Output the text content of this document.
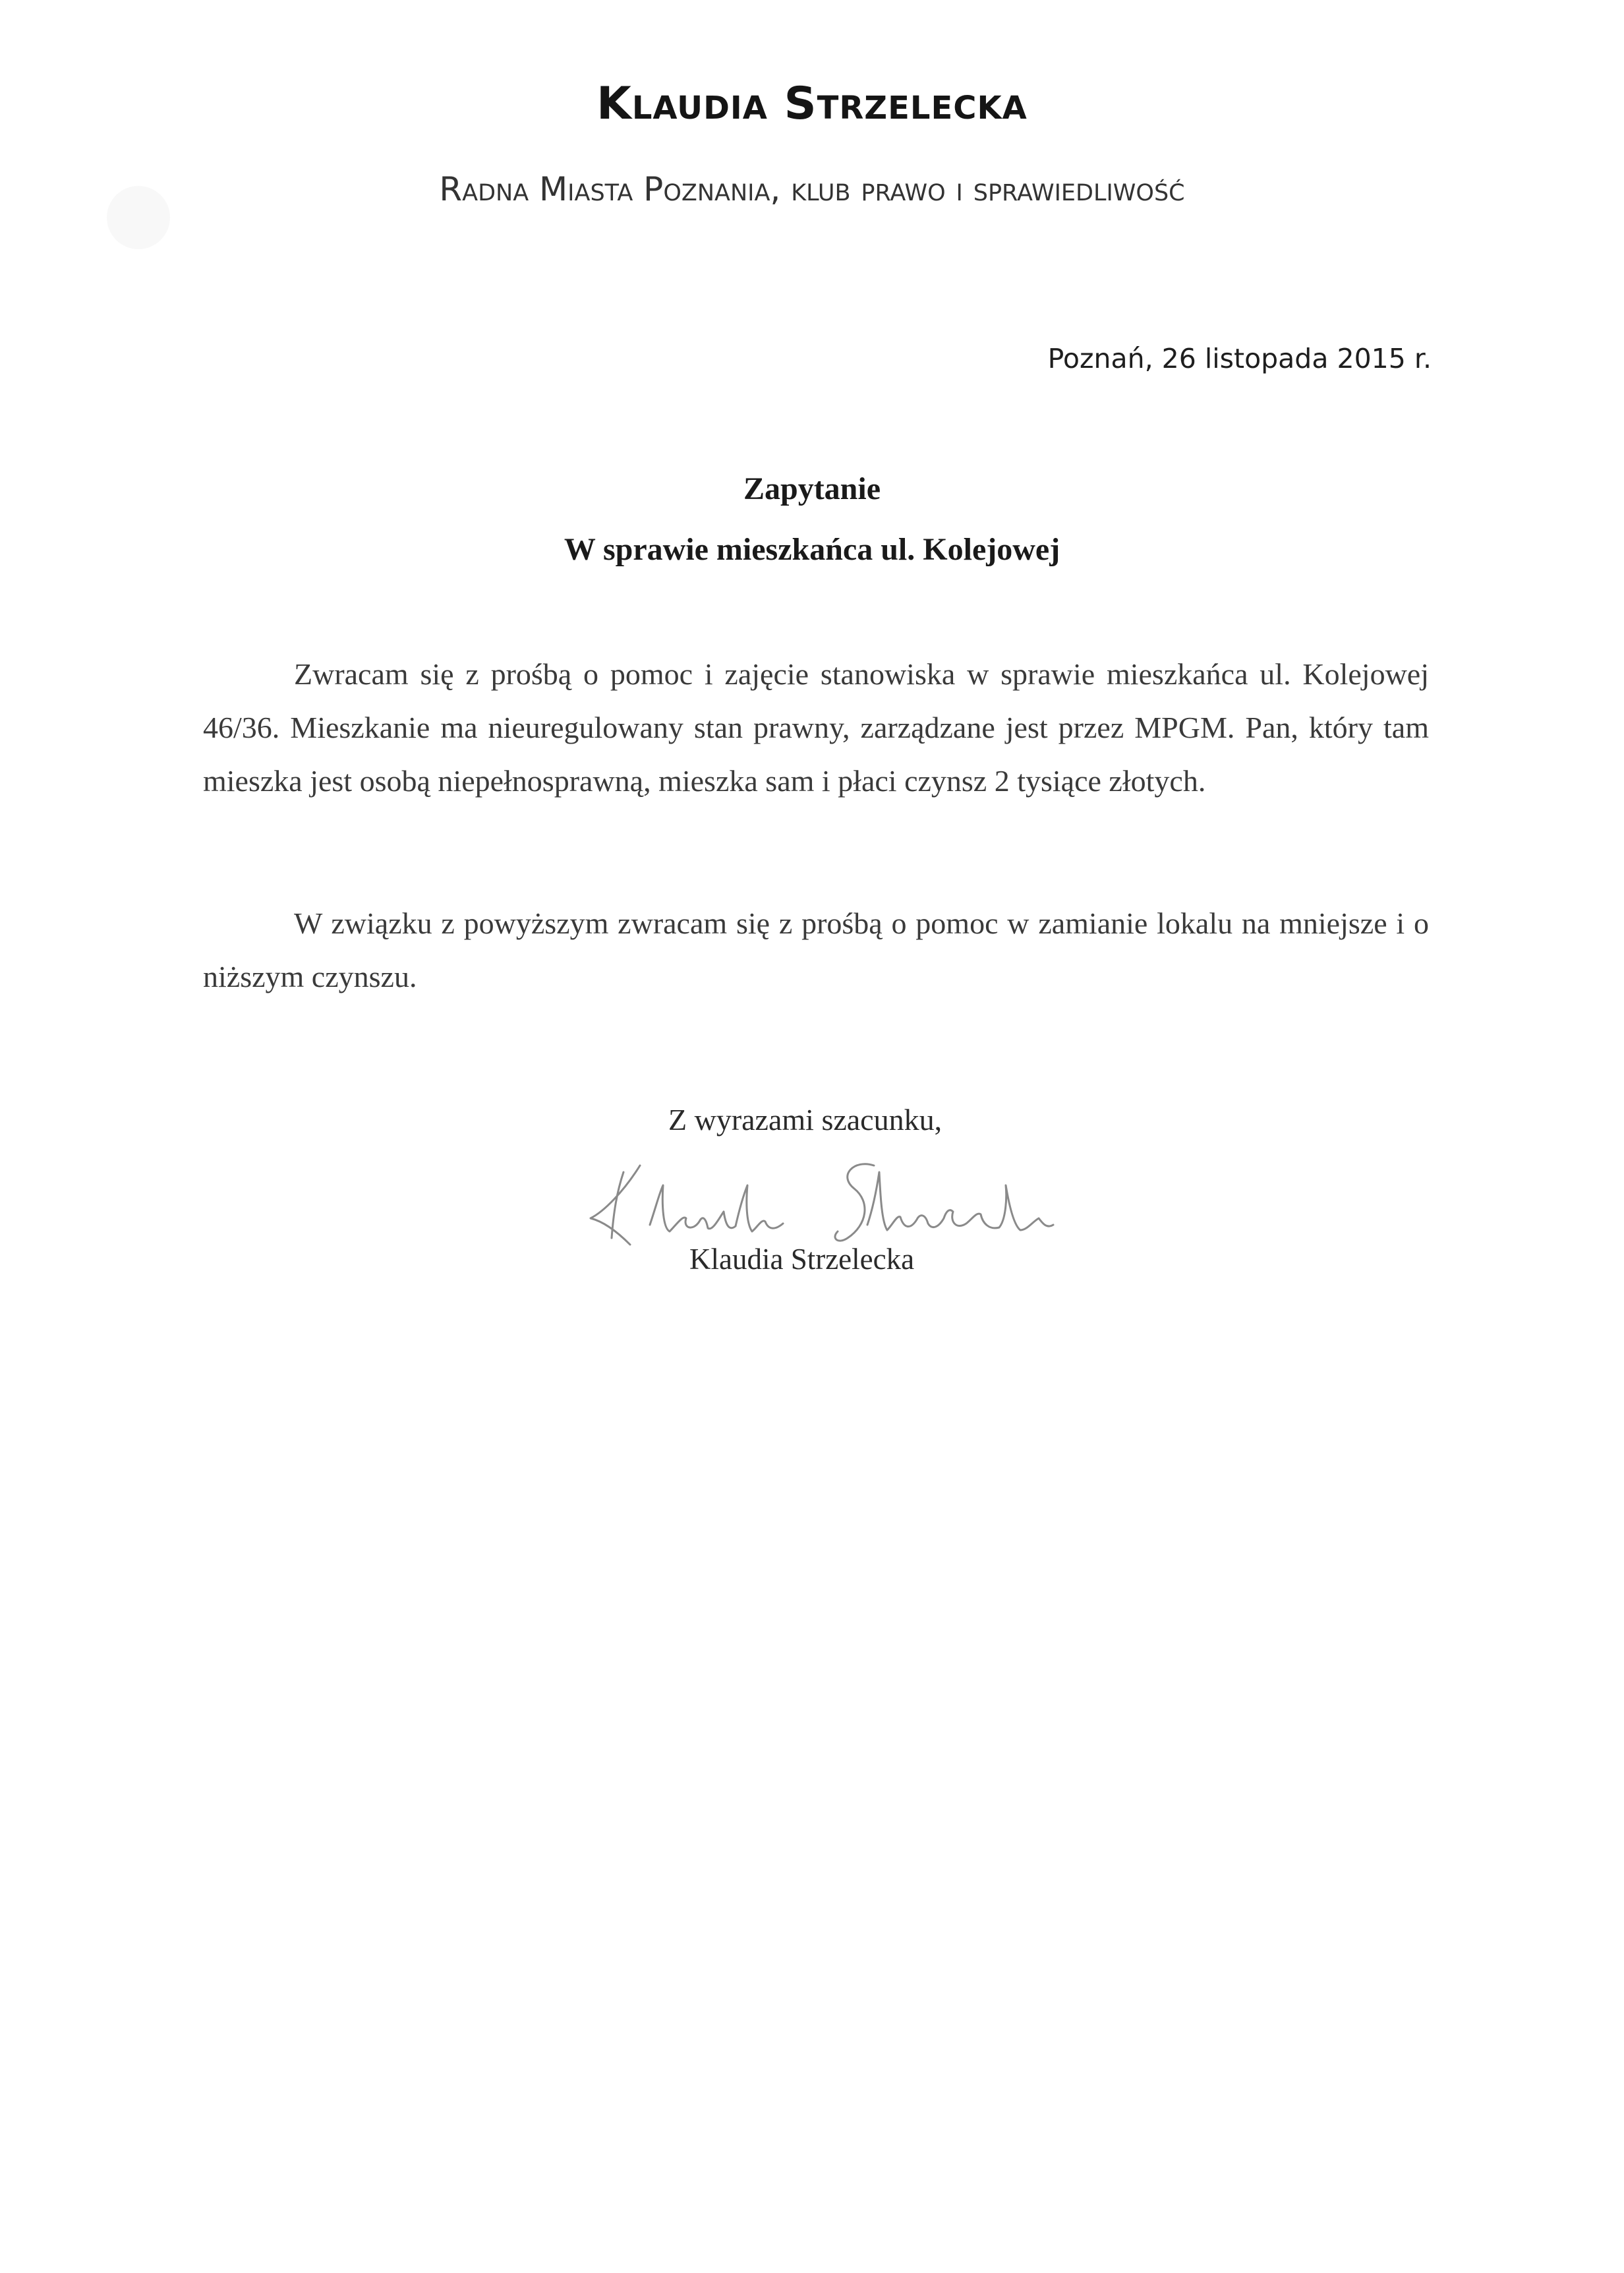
Klaudia Strzelecka
Radna Miasta Poznania, klub prawo i sprawiedliwość
Poznań, 26 listopada 2015 r.
Zapytanie
W sprawie mieszkańca ul. Kolejowej

Zwracam się z prośbą o pomoc i zajęcie stanowiska w sprawie mieszkańca ul. Kolejowej 46/36. Mieszkanie ma nieuregulowany stan prawny, zarządzane jest przez MPGM. Pan, który tam mieszka jest osobą niepełnosprawną, mieszka sam i płaci czynsz 2 tysiące złotych.

W związku z powyższym zwracam się z prośbą o pomoc w zamianie lokalu na mniejsze i o niższym czynszu.

Z wyrazami szacunku,
Klaudia Strzelecka
